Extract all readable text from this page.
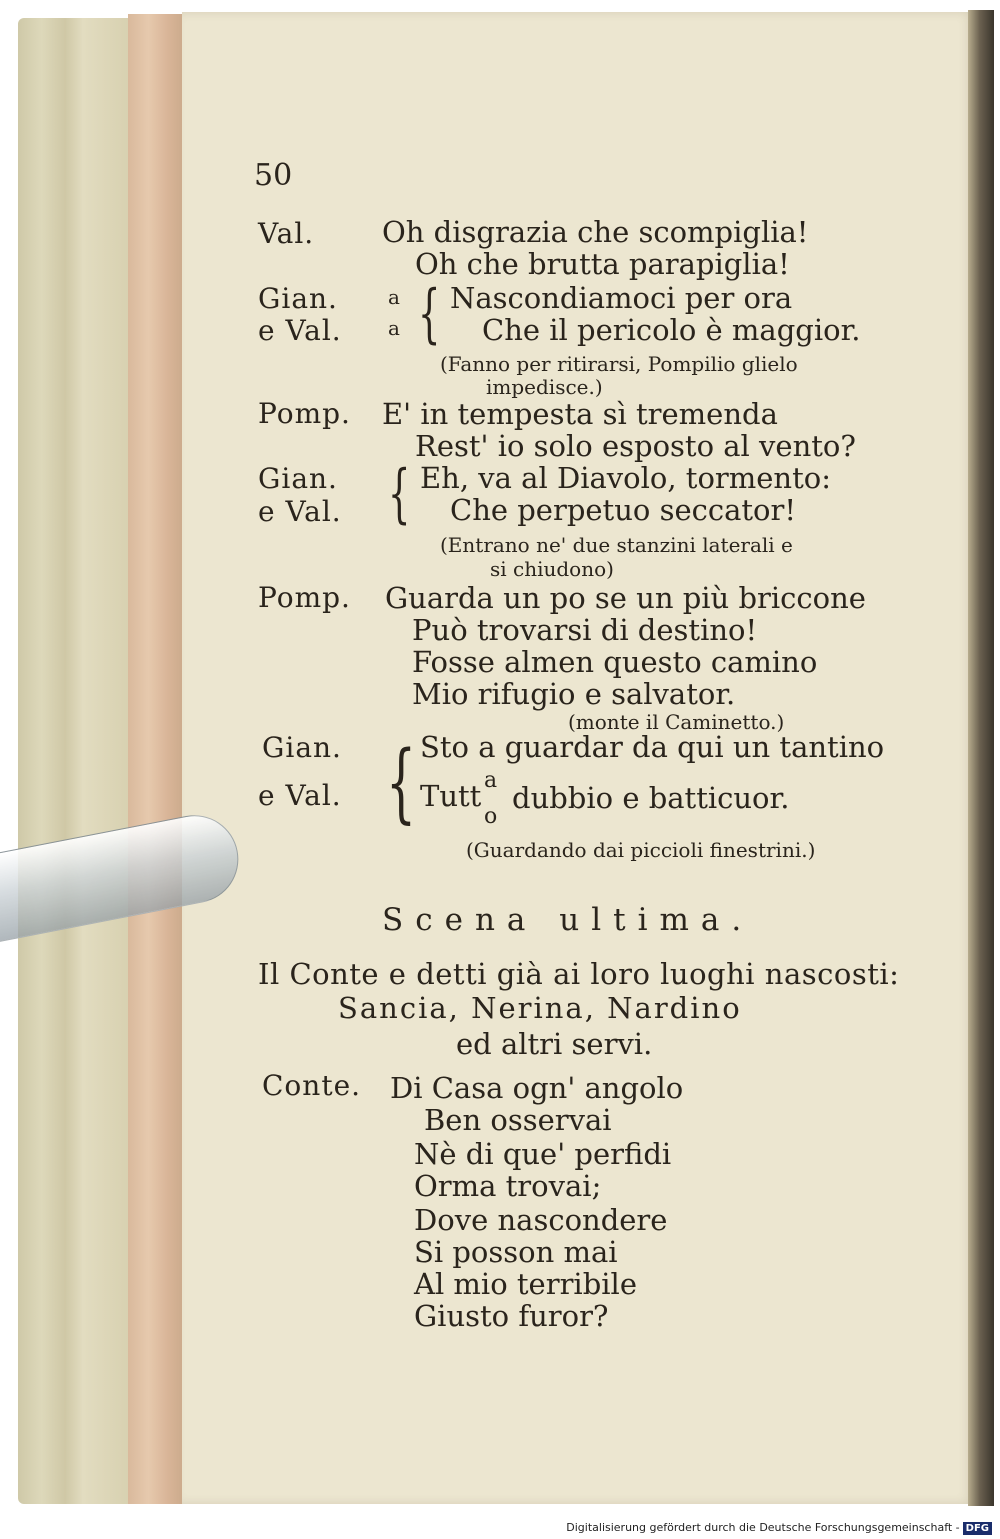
50
Val. Oh disgrazia che scompiglia!
Oh che brutta parapiglia!
Gian.	a { Nascondiamoci per ora
e Val. a	Che il pericolo è maggior.
(Fanno per ritirarsi, Pompilio glielo
impedisce.)
Pomp. E' in tempesta sì tremenda
Rest' io solo esposto al vento?
Gian. { Eh, va al Diavolo, tormento:
e Val.	Che perpetuo seccator!
(Entrano ne' due stanzini laterali e
si chiudono)
Pomp. Guarda un po se un più briccone
Può trovarsi di destino!
Fosse almen questo camino
Mio rifugio e salvator.
(monte il Caminetto.)
Gian. { Sto a guardar da qui un tantino
e Val.	Tutt a
o
dubbio e batticuor.
(Guardando dai piccioli finestrini.)
Scena ultima.
Il Conte e detti già ai loro luoghi nascosti:
Sancia, Nerina, Nardino
ed altri servi.
Conte. Di Casa ogn' angolo
Ben osservai
Nè di que' perfidi
Orma trovai;
Dove nascondere
Si posson mai
Al mio terribile
Giusto furor?
Digitalisierung gefördert durch die Deutsche Forschungsgemeinschaft - DFG
